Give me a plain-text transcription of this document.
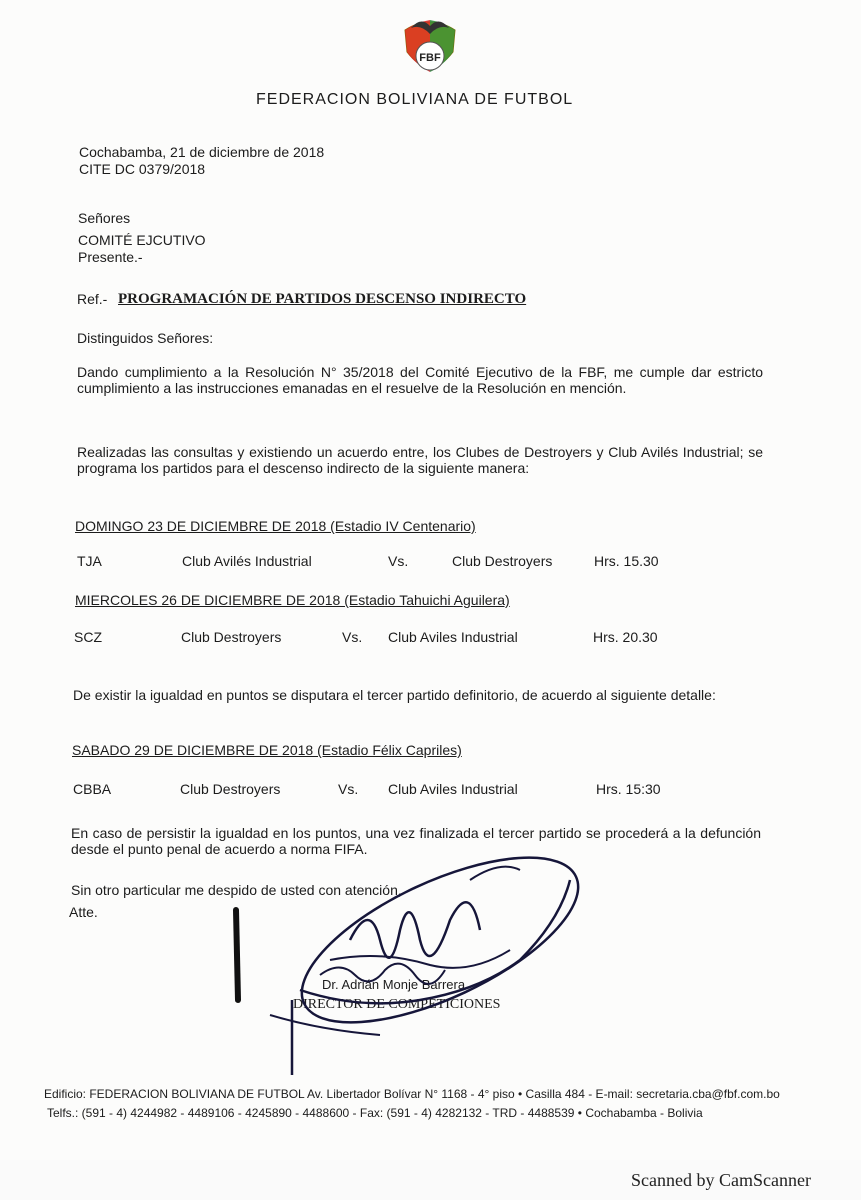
FBF
FEDERACION BOLIVIANA DE FUTBOL
Cochabamba, 21 de diciembre de 2018
CITE DC 0379/2018
Señores
COMITÉ EJCUTIVO
Presente.-
Ref.- PROGRAMACIÓN DE PARTIDOS DESCENSO INDIRECTO
Distinguidos Señores:
Dando cumplimiento a la Resolución N° 35/2018 del Comité Ejecutivo de la FBF, me cumple dar estricto cumplimiento a las instrucciones emanadas en el resuelve de la Resolución en mención.
Realizadas las consultas y existiendo un acuerdo entre, los Clubes de Destroyers y Club Avilés Industrial; se programa los partidos para el descenso indirecto de la siguiente manera:
DOMINGO 23 DE DICIEMBRE DE 2018 (Estadio IV Centenario)
TJA	Club Avilés Industrial	Vs.	Club Destroyers	Hrs. 15.30
MIERCOLES 26 DE DICIEMBRE DE 2018 (Estadio Tahuichi Aguilera)
SCZ	Club Destroyers	Vs. Club Aviles Industrial	Hrs. 20.30
De existir la igualdad en puntos se disputara el tercer partido definitorio, de acuerdo al siguiente detalle:
SABADO 29 DE DICIEMBRE DE 2018 (Estadio Félix Capriles)
CBBA	Club Destroyers	Vs. Club Aviles Industrial	Hrs. 15:30
En caso de persistir la igualdad en los puntos, una vez finalizada el tercer partido se procederá a la defunción desde el punto penal de acuerdo a norma FIFA.
Sin otro particular me despido de usted con atención,
Atte.
Dr. Adrián Monje Barrera
DIRECTOR DE COMPETICIONES
Edificio: FEDERACION BOLIVIANA DE FUTBOL Av. Libertador Bolívar N° 1168 - 4° piso • Casilla 484 - E-mail: secretaria.cba@fbf.com.bo
Telfs.: (591 - 4) 4244982 - 4489106 - 4245890 - 4488600 - Fax: (591 - 4) 4282132 - TRD - 4488539 • Cochabamba - Bolivia
Scanned by CamScanner
